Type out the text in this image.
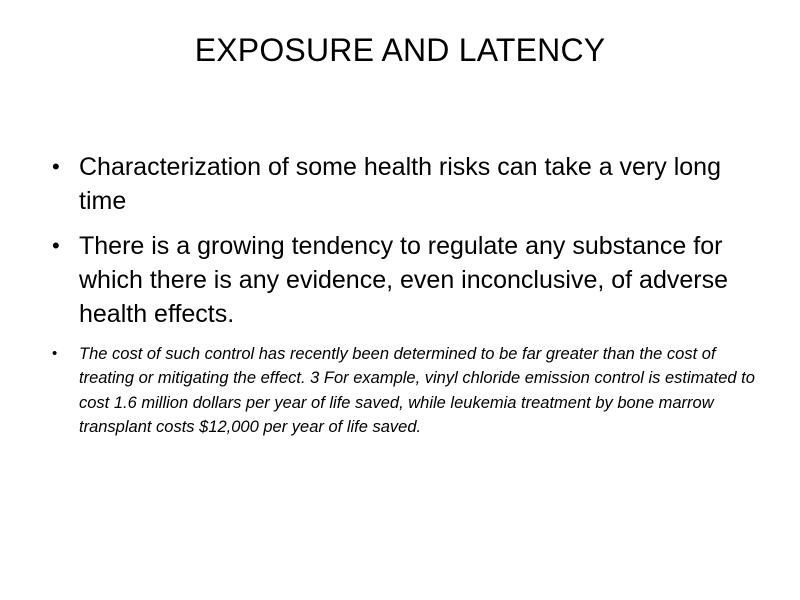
EXPOSURE AND LATENCY
• Characterization of some health risks can take a very long time
• There is a growing tendency to regulate any substance for which there is any evidence, even inconclusive, of adverse health effects.
• The cost of such control has recently been determined to be far greater than the cost of treating or mitigating the effect. 3 For example, vinyl chloride emission control is estimated to cost 1.6 million dollars per year of life saved, while leukemia treatment by bone marrow transplant costs $12,000 per year of life saved.
